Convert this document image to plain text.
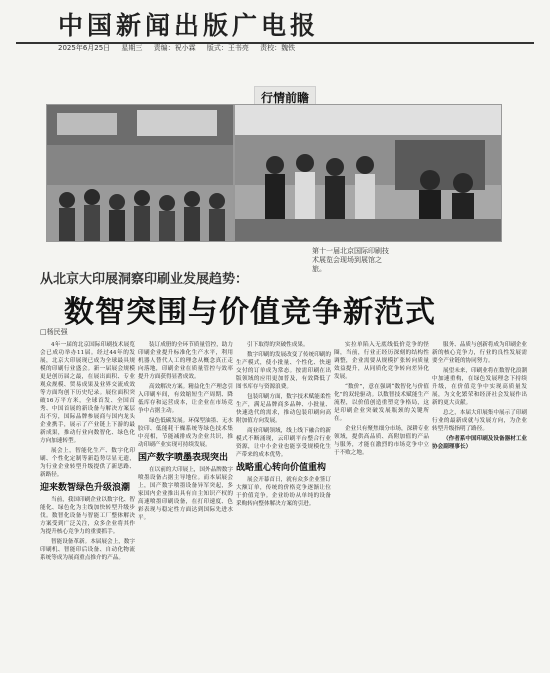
中国新闻出版广电报
2025年6月25日 星期三 责编：祝小霖 版式：王书亮 责校：魏铁
行情前瞻
第十一届北京国际印刷技术展览会现场到展馆之旅。
从北京大印展洞察印刷业发展趋势：
数智突围与价值竞争新范式
□杨民强

4年一届的北京国际印刷技术展览会已成功举办11届。经过44年的发展，北京大印展现已成为全球最具规模的印刷行业盛会。新一届展会规模更是创历届之最，在展出面积、专业观众规模、贸易成果及业界交流成效等方面均创下历史纪录。展位面积突破16万平方米，全球首发、全国首秀、中国首展的新设备与解决方案层出不穷，国际品牌参展商与国内龙头企业携手，展示了产业链上下游的最新成果，推动行业向数智化、绿色化方向加速转型。

展会上，智能化生产、数字化印刷、个性化定制等新趋势尽显无遗，为行业企业转型升级提供了新思路、新路径。

迎来数智绿色升级浪潮

当前，我国印刷企业以数字化、智能化、绿色化为主线加快转型升级步伐。数智化设备与智能工厂整体解决方案受到广泛关注，众多企业将其作为提升核心竞争力的重要抓手。

智能设备革新。本届展会上，数字印刷机、智能印后设备、自动化物流系统等成为展商重点推介的产品。

装订成册的全环节质量管控，助力印刷企业提升标准化生产水平，利用机器人替代人工的理念从概念真正走向落地，印刷企业在质量管控与效率提升方面获得显著成效。

高效解决方案。精益化生产理念引入印刷车间，有效缩短生产周期、降低库存和运营成本，让企业在市场竞争中占据主动。

绿色低碳发展。环保型油墨、无水胶印、低能耗干燥系统等绿色技术集中亮相，节能减排成为企业共识，推动印刷产业实现可持续发展。

国产数字喷墨表现突出

在以前的大印展上，国外品牌数字喷墨设备占据主导地位。而本届展会上，国产数字喷墨设备异军突起，多家国内企业推出具有自主知识产权的高速喷墨印刷设备，在打印速度、色彩表现与稳定性方面达到国际先进水平。

引下取得的突破性成果。

数字印刷的发展改变了传统印刷的生产模式，使小批量、个性化、快速交付的订单成为常态。按需印刷在出版领域的应用更加普及，有效降低了图书库存与资源浪费。

包装印刷方面，数字技术赋能柔性生产，满足品牌商多品种、小批量、快速迭代的需求，推动包装印刷向高附加值方向发展。

商业印刷领域，线上线下融合的新模式不断涌现，云印刷平台整合行业资源，让中小企业也能享受规模化生产带来的成本优势。

战略重心转向价值重构

展会开幕首日，就有众多企业签订大额订单，传统的价格竞争逐渐让位于价值竞争。企业纷纷从单纯的设备采购转向整体解决方案的引进。

实拉单陷入无底线低价竞争的怪圈，当前，行业正经历深刻的结构性调整，企业需要从规模扩张转向质量效益提升，从同质化竞争转向差异化发展。

“数价”，意在强调“数智化与价值化”的双轮驱动。以数智技术赋能生产流程，以价值创造重塑竞争格局，这是印刷企业突破发展瓶颈的关键所在。

企业只有聚焦细分市场，深耕专业领域，提供高品质、高附加值的产品与服务，才能在激烈的市场竞争中立于不败之地。

服务、品质与创新将成为印刷企业新的核心竞争力，行业的良性发展需要全产业链的协同努力。

展望未来，印刷业将在数智化浪潮中加速重构，在绿色发展理念下持续升级，在价值竞争中实现高质量发展，为文化繁荣和经济社会发展作出新的更大贡献。

总之，本届大印展集中展示了印刷行业的最新成就与发展方向，为企业转型升级指明了路径。

（作者系中国印刷及设备器材工业协会副理事长）
